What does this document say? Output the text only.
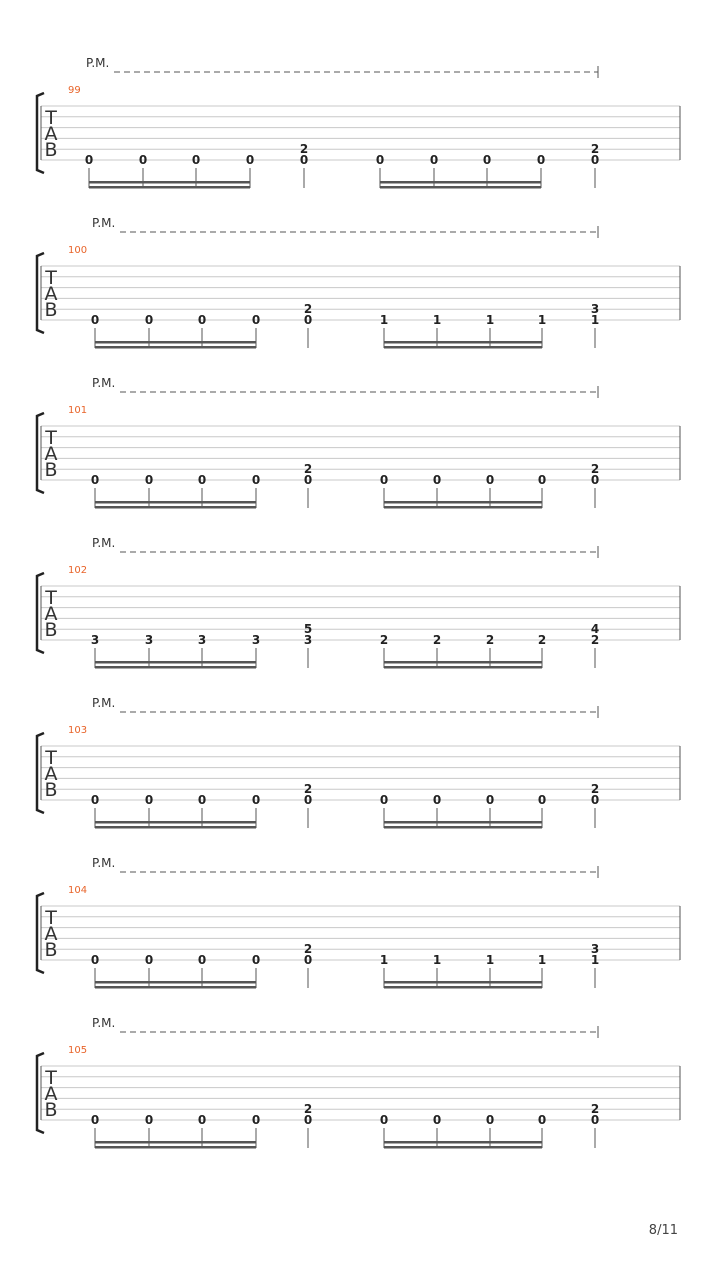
P.M.
99
T
A
B 0	0	0	0	0	0	0	0
2
0
2
0
P.M.
100
T
A
B	0	0	0	0	1	1	1	1
2
0
3
1
P.M.
101
T
A
B	0	0	0	0	0	0	0	0
2
0
2
0
P.M.
102
T
A
B	3	3	3	3	2	2	2	2
5
3
4
2
P.M.
103
T
A
B	0	0	0	0	0	0	0	0
2
0
2
0
P.M.
104
T
A
B	0	0	0	0	1	1	1	1
2
0
3
1
P.M.
105
T
A
B	0	0	0	0	0	0	0	0
2
0
2
0
8/11
